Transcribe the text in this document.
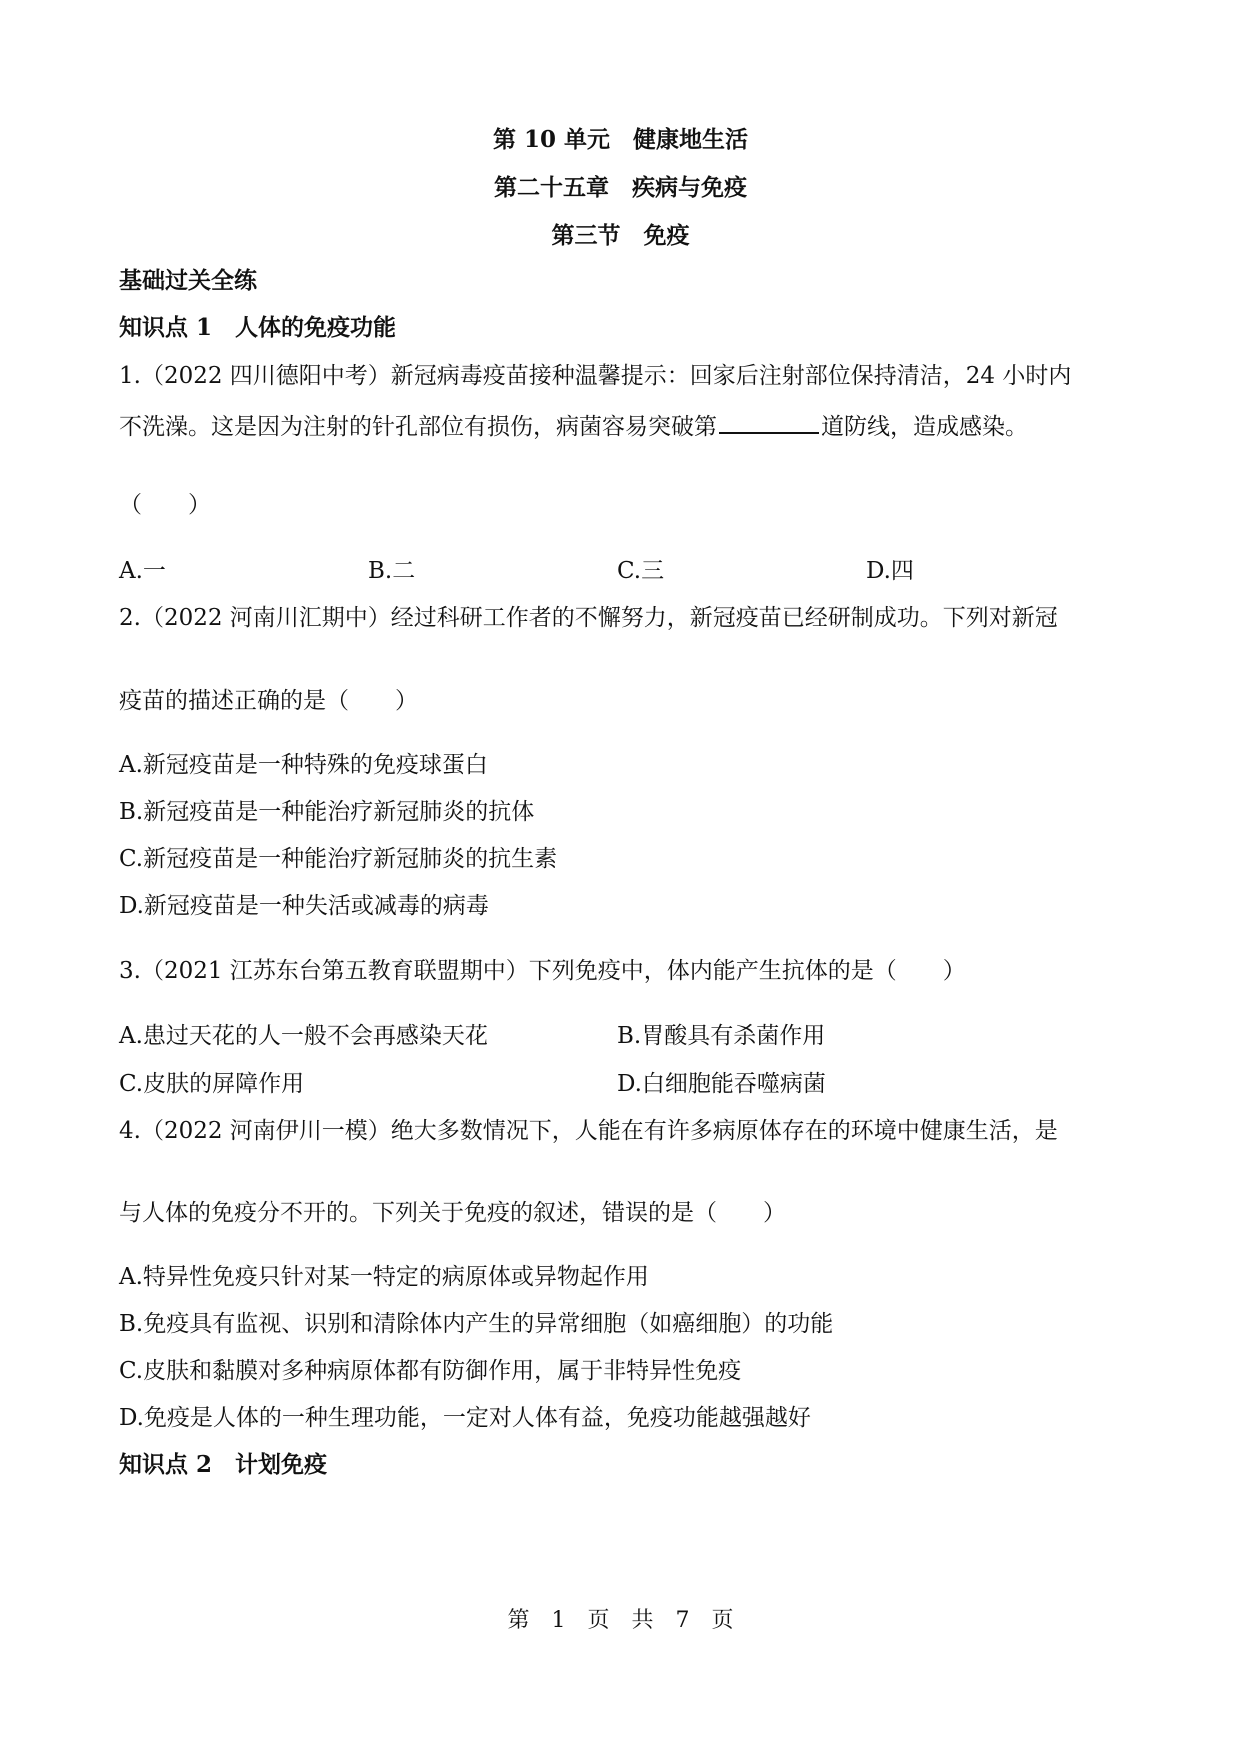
第 10 单元　健康地生活
第二十五章　疾病与免疫
第三节　免疫
基础过关全练
知识点 1　人体的免疫功能
1.（2022 四川德阳中考）新冠病毒疫苗接种温馨提示：回家后注射部位保持清洁，24 小时内
不洗澡。这是因为注射的针孔部位有损伤，病菌容易突破第	道防线，造成感染。
（　　）
A.一	B.二	C.三	D.四
2.（2022 河南川汇期中）经过科研工作者的不懈努力，新冠疫苗已经研制成功。下列对新冠
疫苗的描述正确的是（　　）
A.新冠疫苗是一种特殊的免疫球蛋白
B.新冠疫苗是一种能治疗新冠肺炎的抗体
C.新冠疫苗是一种能治疗新冠肺炎的抗生素
D.新冠疫苗是一种失活或减毒的病毒
3.（2021 江苏东台第五教育联盟期中）下列免疫中，体内能产生抗体的是（　　）
A.患过天花的人一般不会再感染天花	B.胃酸具有杀菌作用
C.皮肤的屏障作用	D.白细胞能吞噬病菌
4.（2022 河南伊川一模）绝大多数情况下，人能在有许多病原体存在的环境中健康生活，是
与人体的免疫分不开的。下列关于免疫的叙述，错误的是（　　）
A.特异性免疫只针对某一特定的病原体或异物起作用
B.免疫具有监视、识别和清除体内产生的异常细胞（如癌细胞）的功能
C.皮肤和黏膜对多种病原体都有防御作用，属于非特异性免疫
D.免疫是人体的一种生理功能，一定对人体有益，免疫功能越强越好
知识点 2　计划免疫
第　1　页　共　7　页
